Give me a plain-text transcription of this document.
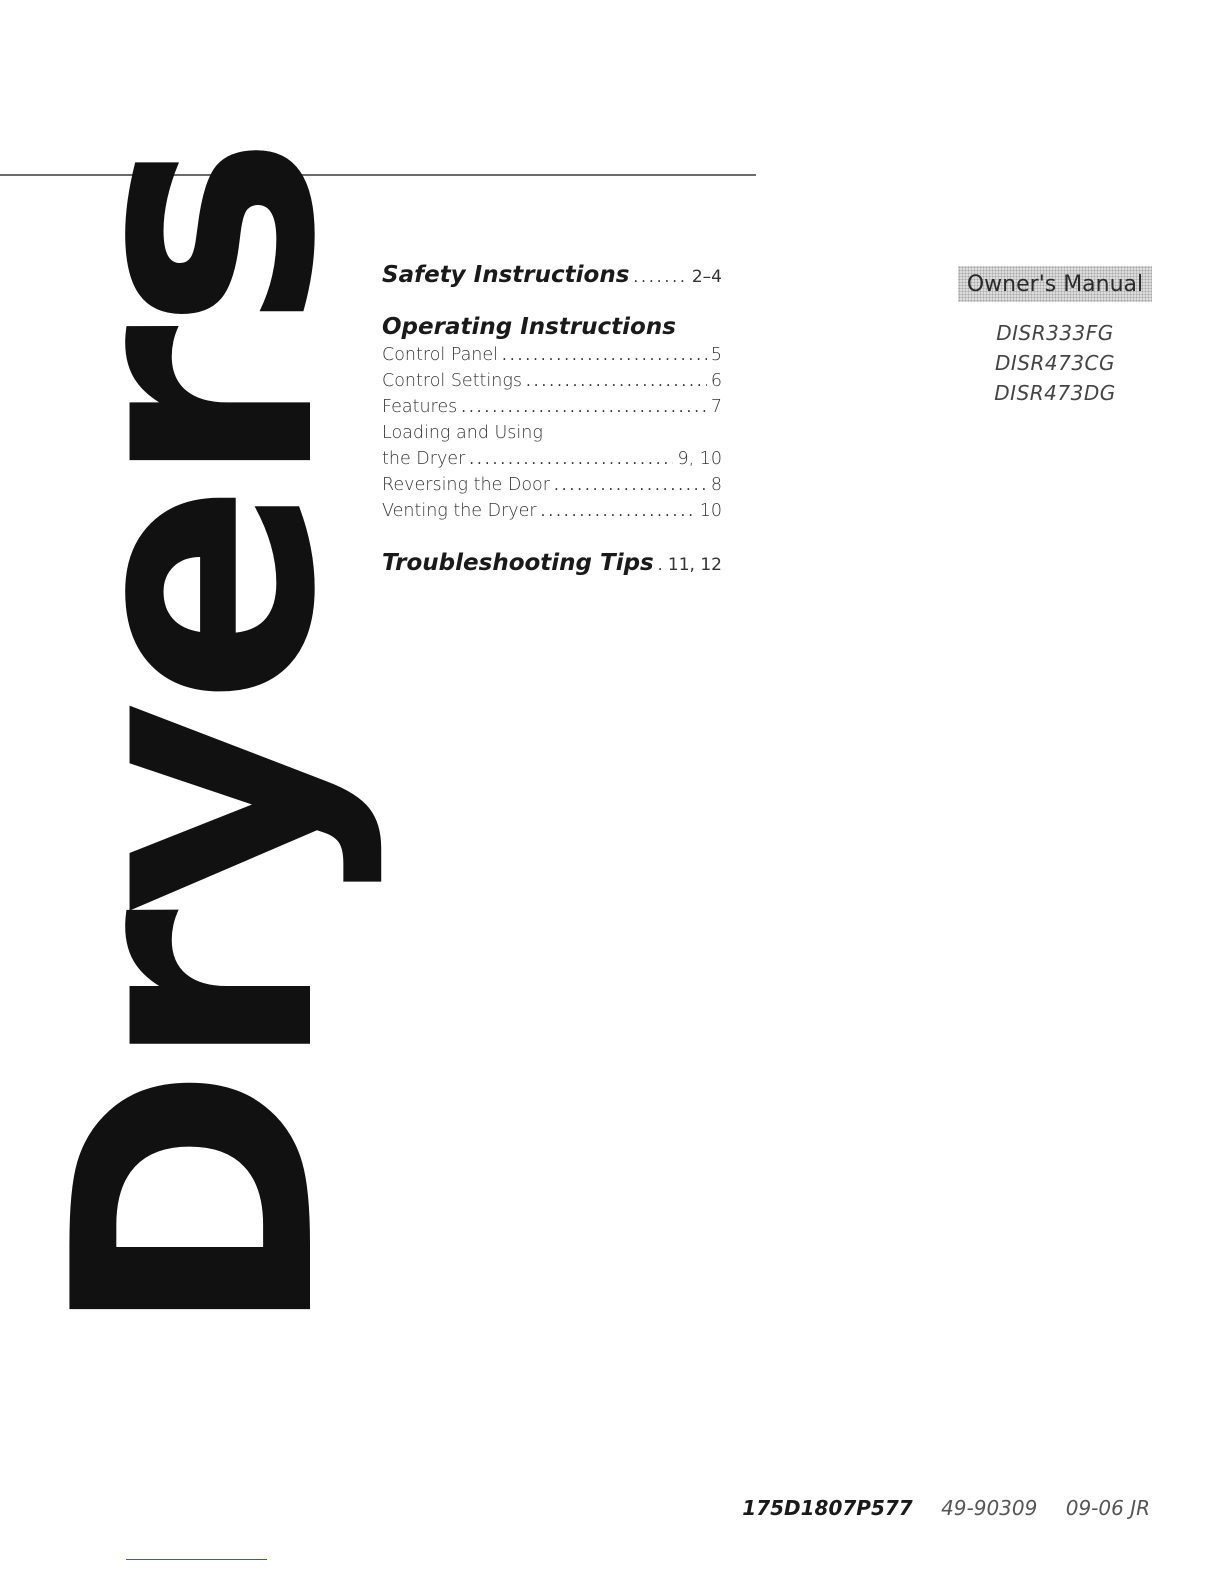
Dryers
Safety Instructions .....	2–4
Operating Instructions
Control Panel .....	5
Control Settings .....	6
Features .....	7
Loading and Using
the Dryer .....	9, 10
Reversing the Door .....	8
Venting the Dryer .....	10
Troubleshooting Tips ..... 11, 12
Owner's Manual
DISR333FG
DISR473CG
DISR473DG
175D1807P577 49-90309 09-06 JR
